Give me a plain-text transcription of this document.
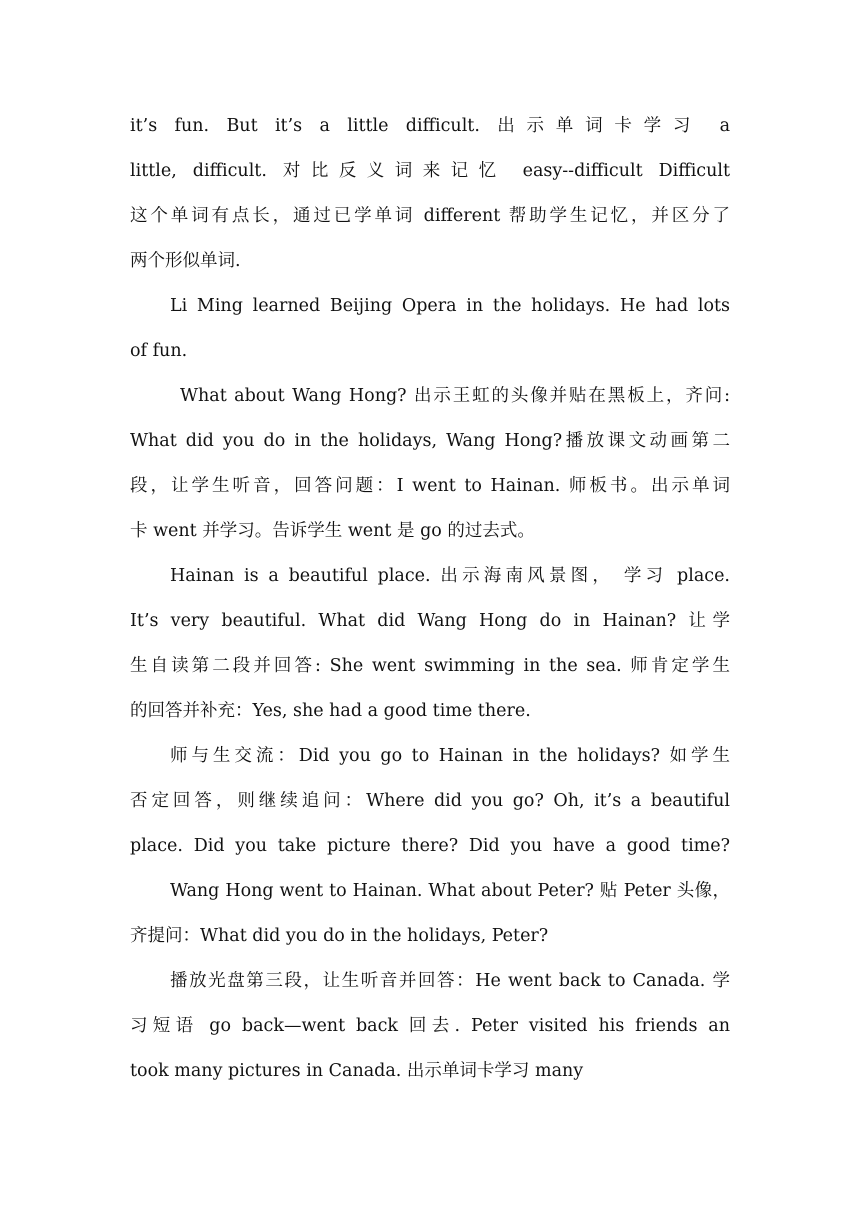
it’s fun. But it’s a little difficult. 出示单词卡学习 a
little, difficult. 对比反义词来记忆 easy--difficult Difficult
这个单词有点长，通过已学单词 different 帮助学生记忆，并区分了
两个形似单词.
Li Ming learned Beijing Opera in the holidays. He had lots
of fun.
What about Wang Hong? 出示王虹的头像并贴在黑板上，齐问:
What did you do in the holidays, Wang Hong?播放课文动画第二
段，让学生听音，回答问题：I went to Hainan. 师板书。出示单词
卡 went 并学习。告诉学生 went 是 go 的过去式。
Hainan is a beautiful place. 出示海南风景图， 学习 place.
It’s very beautiful. What did Wang Hong do in Hainan? 让学
生自读第二段并回答: She went swimming in the sea. 师肯定学生
的回答并补充：Yes, she had a good time there.
师与生交流：Did you go to Hainan in the holidays? 如学生
否定回答，则继续追问：Where did you go? Oh, it’s a beautiful
place. Did you take picture there? Did you have a good time?
Wang Hong went to Hainan. What about Peter? 贴 Peter 头像，
齐提问：What did you do in the holidays, Peter?
播放光盘第三段，让生听音并回答：He went back to Canada. 学
习短语 go back—went back 回去. Peter visited his friends an
took many pictures in Canada. 出示单词卡学习 many
